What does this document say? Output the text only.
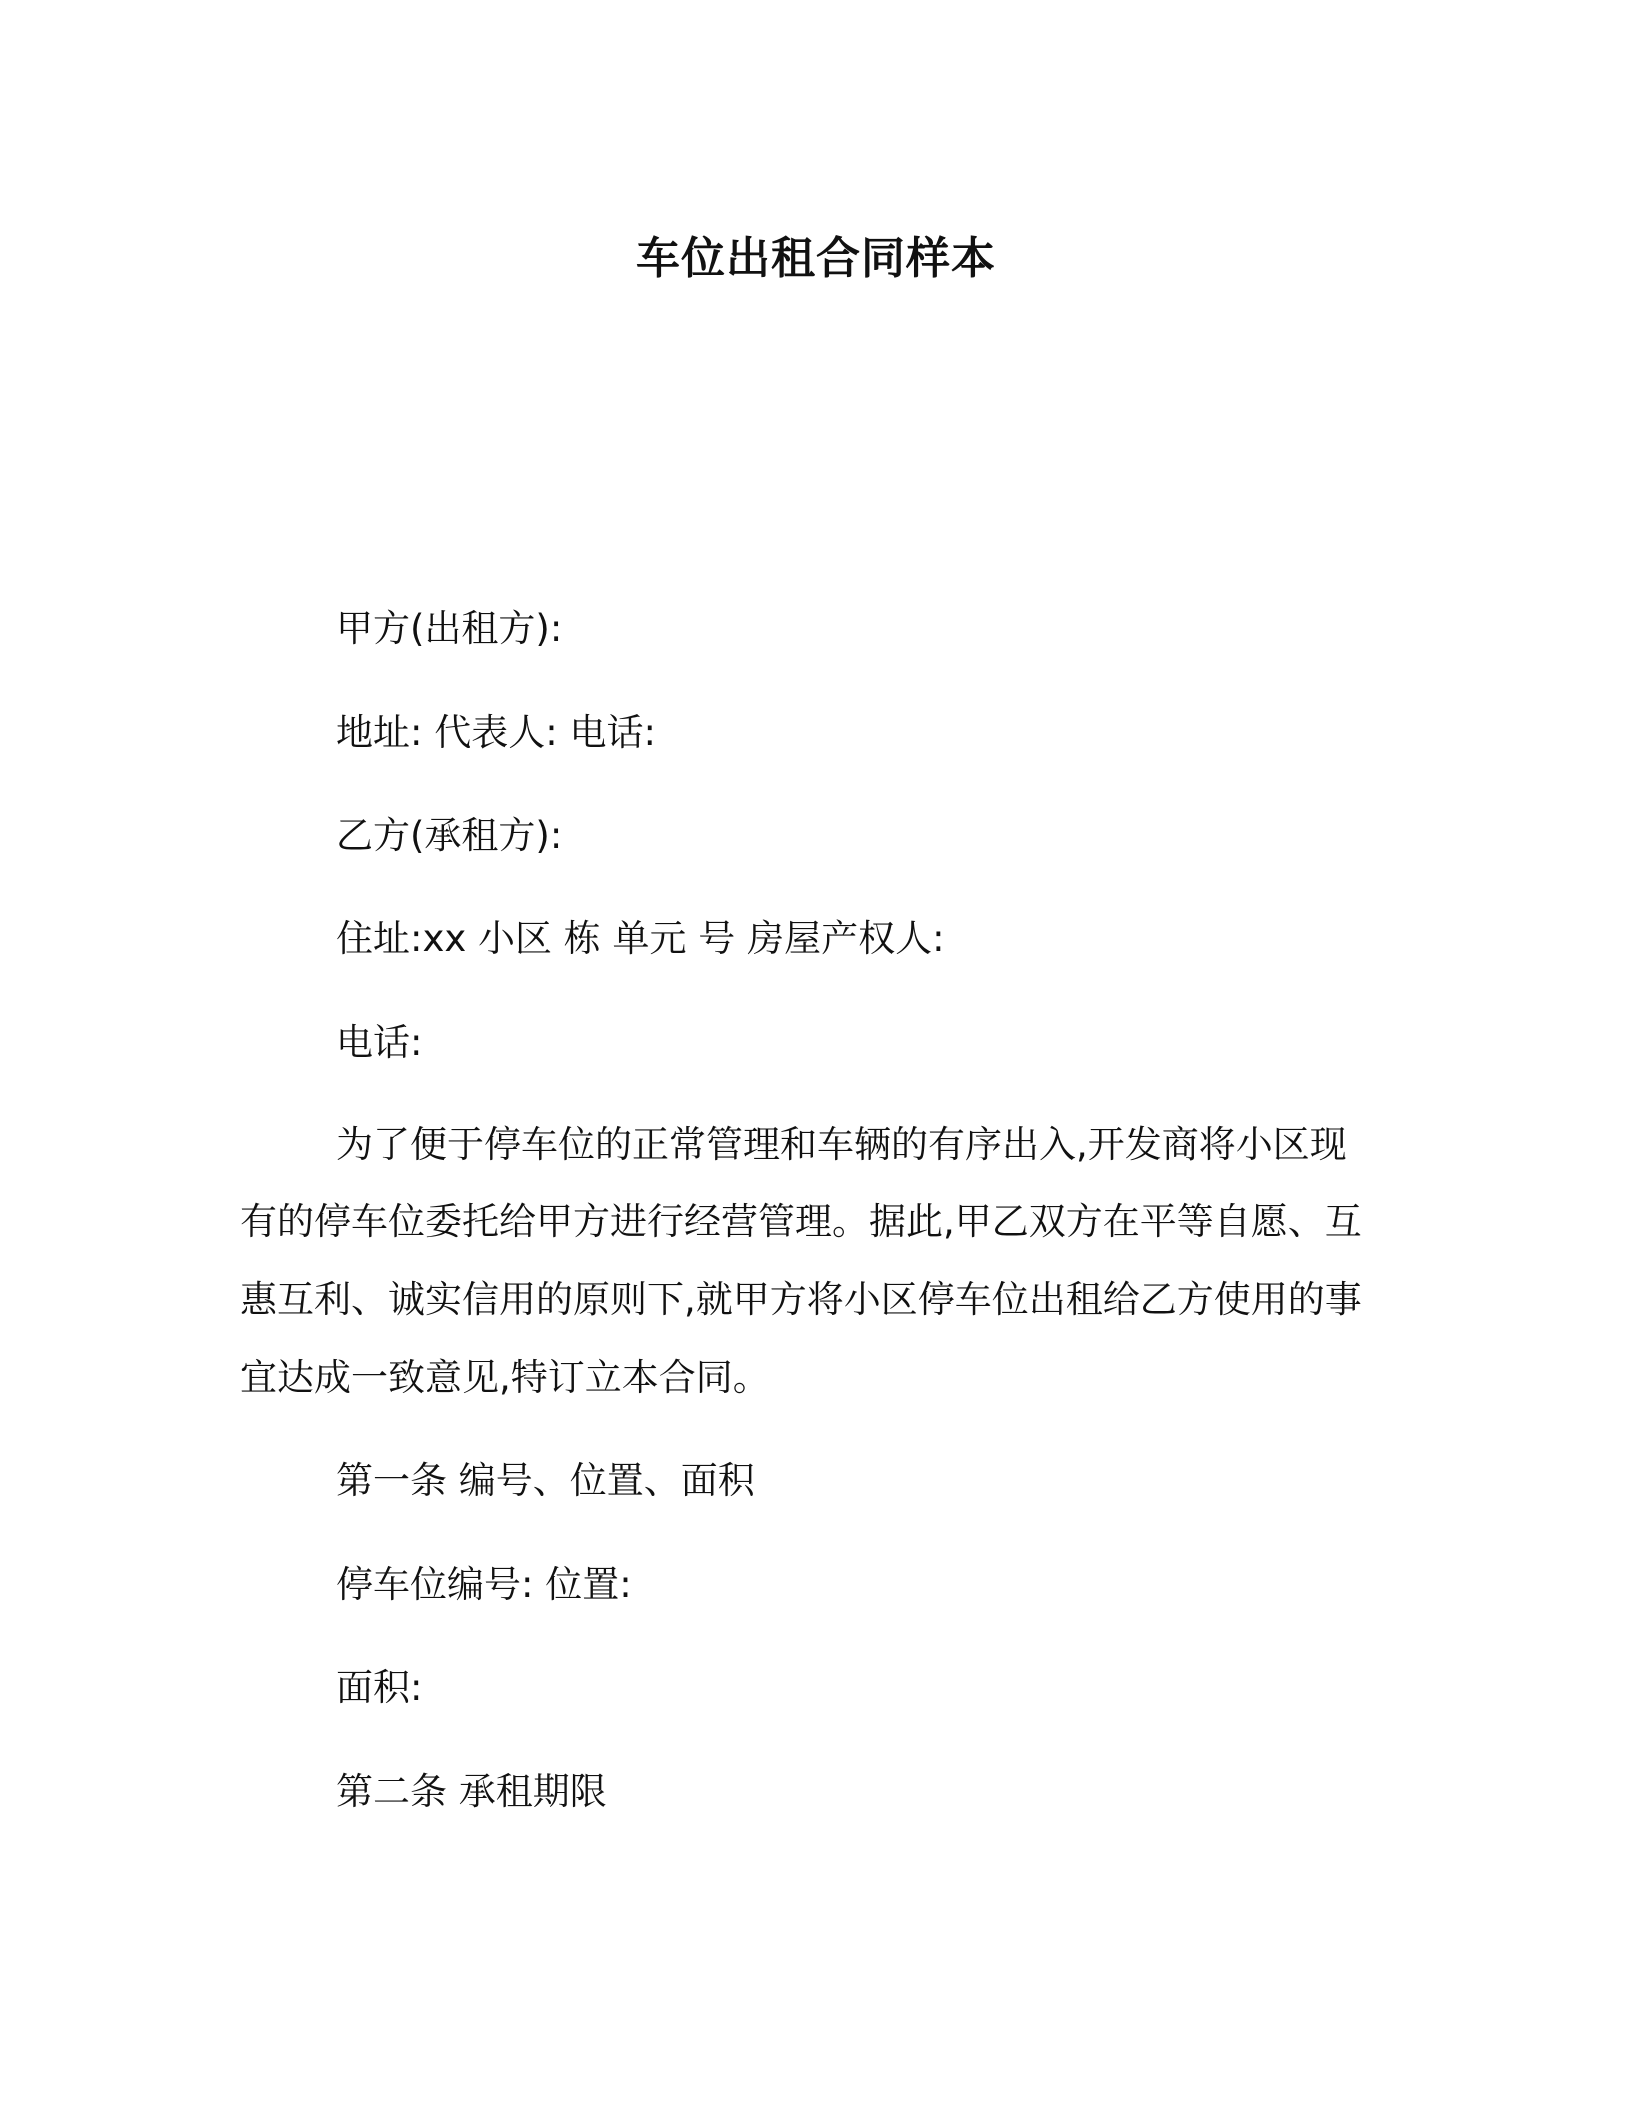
车位出租合同样本
甲方(出租方):
地址: 代表人: 电话:
乙方(承租方):
住址:xx 小区 栋 单元 号 房屋产权人:
电话:
为了便于停车位的正常管理和车辆的有序出入,开发商将小区现
有的停车位委托给甲方进行经营管理。据此,甲乙双方在平等自愿、互
惠互利、诚实信用的原则下,就甲方将小区停车位出租给乙方使用的事
宜达成一致意见,特订立本合同。
第一条 编号、位置、面积
停车位编号: 位置:
面积:
第二条 承租期限
